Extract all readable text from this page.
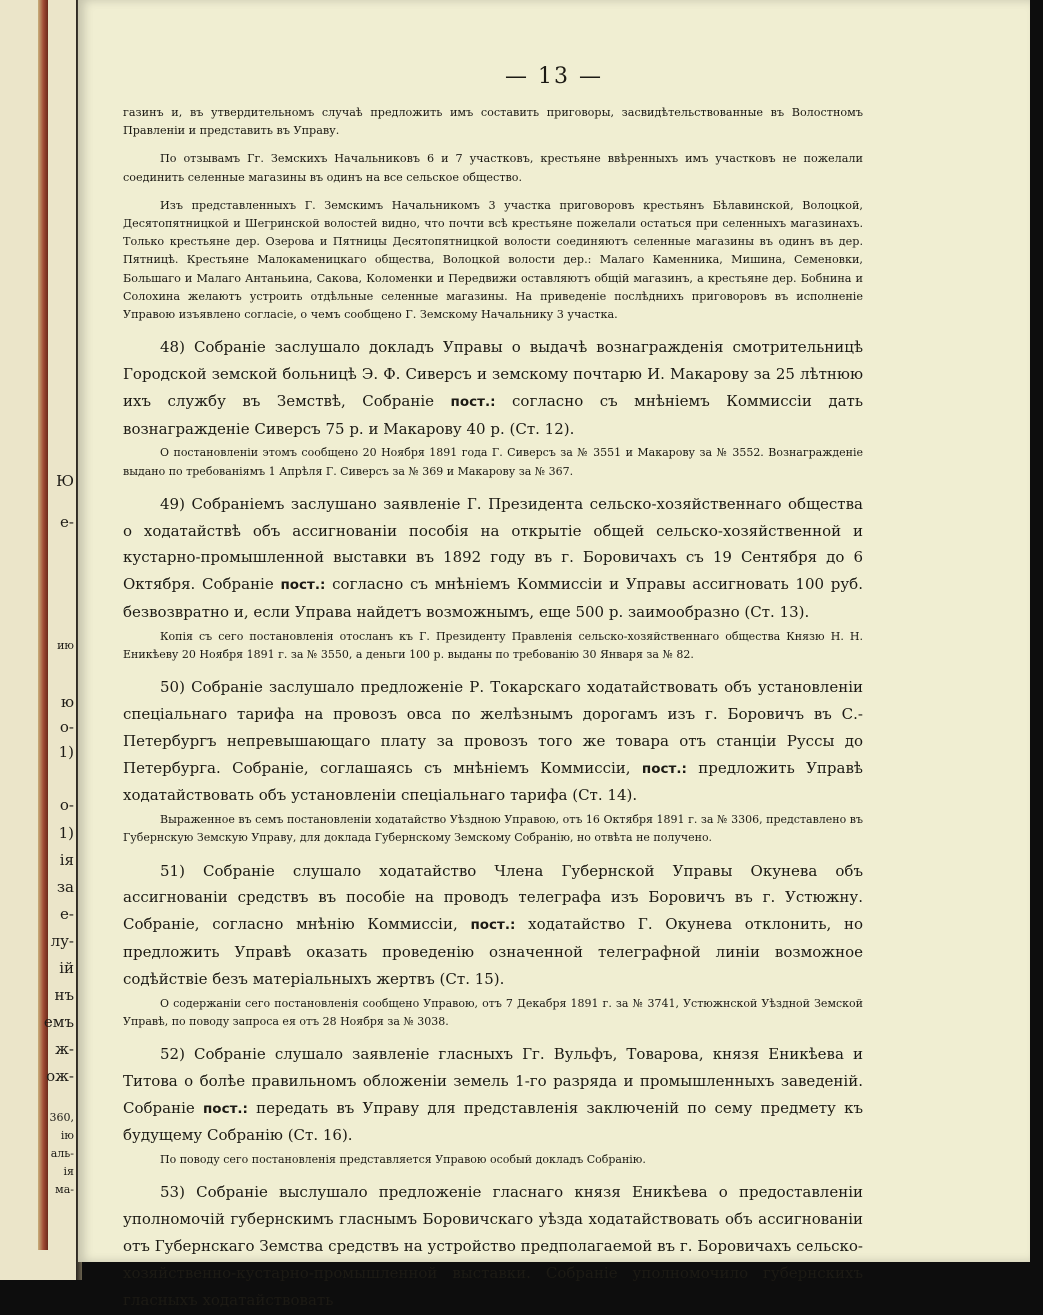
Ю
о-
1)
ія
за
е-
лу-
ій
е-
ию
ю
о-
1)
нъ
емъ
ж-
ож-
360,
ію
аль-
ія
ма-
— 13 —

газинъ и, въ утвердительномъ случаѣ предложить имъ составить приговоры, засвидѣтельствованные въ Волостномъ Правленіи и представить въ Управу.

По отзывамъ Гг. Земскихъ Начальниковъ 6 и 7 участковъ, крестьяне ввѣренныхъ имъ участковъ не пожелали соединить селенные магазины въ одинъ на все сельское общество.

Изъ представленныхъ Г. Земскимъ Начальникомъ 3 участка приговоровъ крестьянъ Бѣлавинской, Волоцкой, Десятопятницкой и Шегринской волостей видно, что почти всѣ крестьяне пожелали остаться при селенныхъ магазинахъ. Только крестьяне дер. Озерова и Пятницы Десятопятницкой волости соединяютъ селенные магазины въ одинъ въ дер. Пятницѣ. Крестьяне Малокаменицкаго общества, Волоцкой волости дер.: Малаго Каменника, Мишина, Семеновки, Большаго и Малаго Антаньина, Сакова, Коломенки и Передвижи оставляютъ общій магазинъ, а крестьяне дер. Бобнина и Солохина желаютъ устроить отдѣльные селенные магазины. На приведеніе послѣднихъ приговоровъ въ исполненіе Управою изъявлено согласіе, о чемъ сообщено Г. Земскому Начальнику 3 участка.

48) Собраніе заслушало докладъ Управы о выдачѣ вознагражденія смотрительницѣ Городской земской больницѣ Э. Ф. Сиверсъ и земскому почтарю И. Макарову за 25 лѣтнюю ихъ службу въ Земствѣ, Собраніе пост.: согласно съ мнѣніемъ Коммиссіи дать вознагражденіе Сиверсъ 75 р. и Макарову 40 р. (Ст. 12).

О постановленіи этомъ сообщено 20 Ноября 1891 года Г. Сиверсъ за № 3551 и Макарову за № 3552. Вознагражденіе выдано по требованіямъ 1 Апрѣля Г. Сиверсъ за № 369 и Макарову за № 367.

49) Собраніемъ заслушано заявленіе Г. Президента сельско-хозяйственнаго общества о ходатайствѣ объ ассигнованіи пособія на открытіе общей сельско-хозяйственной и кустарно-промышленной выставки въ 1892 году въ г. Боровичахъ съ 19 Сентября до 6 Октября. Собраніе пост.: согласно съ мнѣніемъ Коммиссіи и Управы ассигновать 100 руб. безвозвратно и, если Управа найдетъ возможнымъ, еще 500 р. заимообразно (Ст. 13).

Копія съ сего постановленія отосланъ къ Г. Президенту Правленія сельско-хозяйственнаго общества Князю Н. Н. Еникѣеву 20 Ноября 1891 г. за № 3550, а деньги 100 р. выданы по требованію 30 Января за № 82.

50) Собраніе заслушало предложеніе Р. Токарскаго ходатайствовать объ установленіи спеціальнаго тарифа на провозъ овса по желѣзнымъ дорогамъ изъ г. Боровичъ въ С.-Петербургъ непревышающаго плату за провозъ того же товара отъ станціи Руссы до Петербурга. Собраніе, соглашаясь съ мнѣніемъ Коммиссіи, пост.: предложить Управѣ ходатайствовать объ установленіи спеціальнаго тарифа (Ст. 14).

Выраженное въ семъ постановленіи ходатайство Уѣздною Управою, отъ 16 Октября 1891 г. за № 3306, представлено въ Губернскую Земскую Управу, для доклада Губернскому Земскому Собранію, но отвѣта не получено.

51) Собраніе слушало ходатайство Члена Губернской Управы Окунева объ ассигнованіи средствъ въ пособіе на проводъ телеграфа изъ Боровичъ въ г. Устюжну. Собраніе, согласно мнѣнію Коммиссіи, пост.: ходатайство Г. Окунева отклонить, но предложить Управѣ оказать проведенію означенной телеграфной линіи возможное содѣйствіе безъ матеріальныхъ жертвъ (Ст. 15).

О содержаніи сего постановленія сообщено Управою, отъ 7 Декабря 1891 г. за № 3741, Устюжнской Уѣздной Земской Управѣ, по поводу запроса ея отъ 28 Ноября за № 3038.

52) Собраніе слушало заявленіе гласныхъ Гг. Вульфъ, Товарова, князя Еникѣева и Титова о болѣе правильномъ обложеніи земель 1-го разряда и промышленныхъ заведеній. Собраніе пост.: передать въ Управу для представленія заключеній по сему предмету къ будущему Собранію (Ст. 16).

По поводу сего постановленія представляется Управою особый докладъ Собранію.

53) Собраніе выслушало предложеніе гласнаго князя Еникѣева о предоставленіи уполномочій губернскимъ гласнымъ Боровичскаго уѣзда ходатайствовать объ ассигнованіи отъ Губернскаго Земства средствъ на устройство предполагаемой въ г. Боровичахъ сельско-хозяйственно-кустарно-промышленной выставки. Собраніе уполномочило губернскихъ гласныхъ ходатайствовать
